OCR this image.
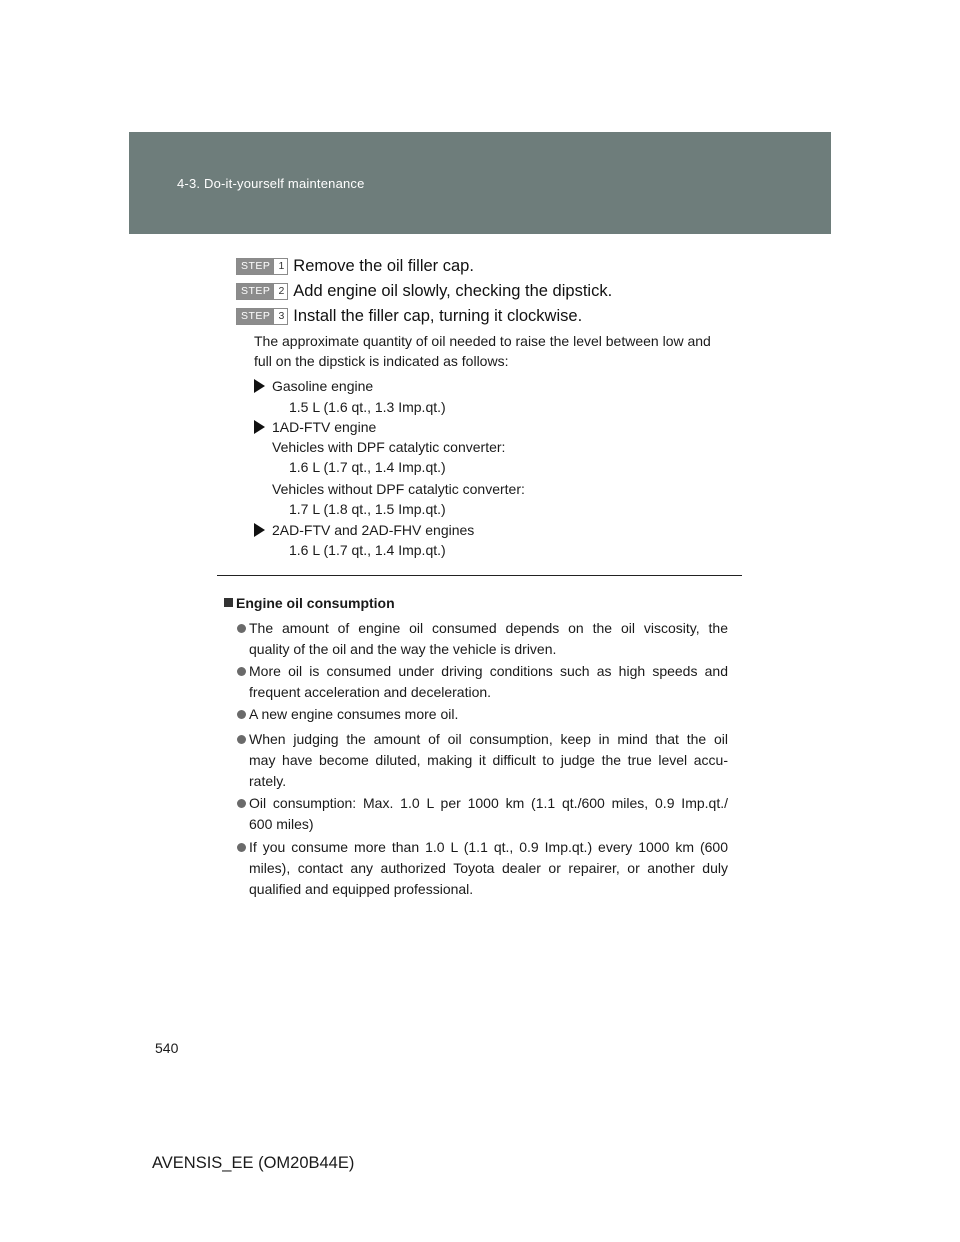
4-3. Do-it-yourself maintenance
STEP 1 Remove the oil filler cap.
STEP 2 Add engine oil slowly, checking the dipstick.
STEP 3 Install the filler cap, turning it clockwise.
The approximate quantity of oil needed to raise the level between low and
full on the dipstick is indicated as follows:
Gasoline engine
1.5 L (1.6 qt., 1.3 Imp.qt.)
1AD-FTV engine
Vehicles with DPF catalytic converter:
1.6 L (1.7 qt., 1.4 Imp.qt.)
Vehicles without DPF catalytic converter:
1.7 L (1.8 qt., 1.5 Imp.qt.)
2AD-FTV and 2AD-FHV engines
1.6 L (1.7 qt., 1.4 Imp.qt.)
Engine oil consumption
The amount of engine oil consumed depends on the oil viscosity, the
quality of the oil and the way the vehicle is driven.
More oil is consumed under driving conditions such as high speeds and
frequent acceleration and deceleration.
A new engine consumes more oil.
When judging the amount of oil consumption, keep in mind that the oil
may have become diluted, making it difficult to judge the true level accu-
rately.
Oil consumption: Max. 1.0 L per 1000 km (1.1 qt./600 miles, 0.9 Imp.qt./
600 miles)
If you consume more than 1.0 L (1.1 qt., 0.9 Imp.qt.) every 1000 km (600
miles), contact any authorized Toyota dealer or repairer, or another duly
qualified and equipped professional.
540
AVENSIS_EE (OM20B44E)
